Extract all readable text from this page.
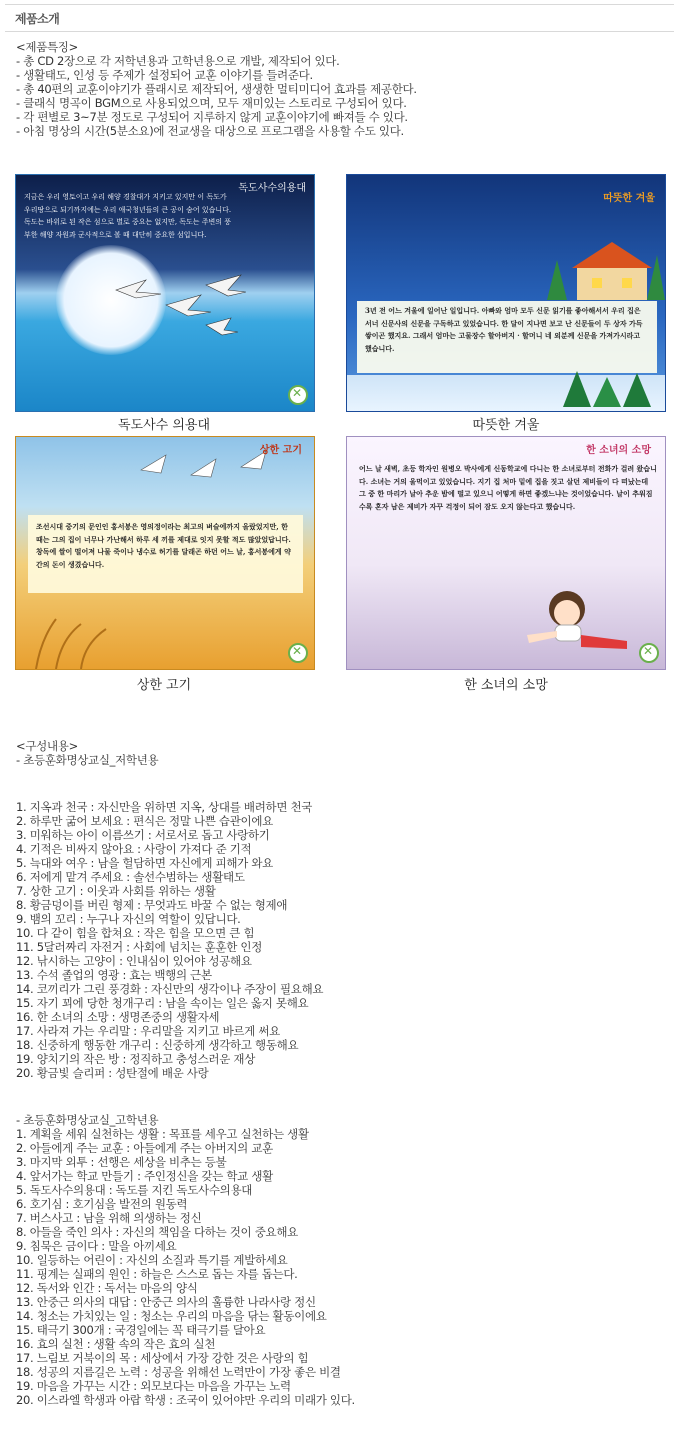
제품소개
<제품특징>
- 총 CD 2장으로 각 저학년용과 고학년용으로 개발, 제작되어 있다.
- 생활태도, 인성 등 주제가 설정되어 교훈 이야기를 들려준다.
- 총 40편의 교훈이야기가 플래시로 제작되어, 생생한 멀티미디어 효과를 제공한다.
- 클래식 명곡이 BGM으로 사용되었으며, 모두 재미있는 스토리로 구성되어 있다.
- 각 편별로 3~7분 정도로 구성되어 지루하지 않게 교훈이야기에 빠져들 수 있다.
- 아침 명상의 시간(5분소요)에 전교생을 대상으로 프로그램을 사용할 수도 있다.
독도사수의용대
지금은 우리 영토이고 우리 해양 경찰대가 지키고 있지만 이 독도가 우리땅으로 되기까지에는 우리 애국청년들의 큰 공이 숨어 있습니다. 독도는 바위로 된 작은 섬으로 별로 중요는 없지만, 독도는 주변의 풍부한 해양 자원과 군사적으로 볼 때 대단히 중요한 섬입니다.
✕
독도사수 의용대
따뜻한 겨울
3년 전 어느 겨울에 일어난 일입니다. 아빠와 엄마 모두 신문 읽기를 좋아해서서 우리 집은 서너 신문사의 신문을 구독하고 있었습니다. 한 달이 지나면 보고 난 신문들이 두 상자 가득 쌓이곤 했지요. 그래서 엄마는 고물장수 할아버지 · 할머니 네 외분께 신문을 가져가시라고 했습니다.
따뜻한 겨울
상한 고기
조선시대 중기의 문인인 홍서봉은 영의정이라는 최고의 벼슬에까지 올랐었지만, 한 때는 그의 집이 너무나 가난해서 하루 세 끼를 제대로 잇지 못할 적도 많았었답니다. 창독에 쌀이 떨어져 나물 죽이나 냉수로 허기를 달래곤 하던 어느 날, 홍서봉에게 약간의 돈이 생겼습니다.
✕
상한 고기
한 소녀의 소망
어느 날 새벽, 초등 학자인 원병오 박사에게 신동학교에 다니는 한 소녀로부터 전화가 걸려 왔습니다. 소녀는 거의 울먹이고 있었습니다. 지기 집 처마 밑에 집을 짓고 살던 제비들이 다 떠났는데 그 중 한 마리가 날아 추운 밤에 떨고 있으니 어떻게 하면 좋겠느냐는 것이었습니다. 날이 추워짐수록 혼자 남은 제비가 자꾸 걱정이 되어 잠도 오지 않는다고 했습니다.
✕
한 소녀의 소망
<구성내용>
- 초등훈화명상교실_저학년용
1. 지옥과 천국 : 자신만을 위하면 지옥, 상대를 배려하면 천국
2. 하루만 굶어 보세요 : 편식은 정말 나쁜 습관이에요
3. 미워하는 아이 이름쓰기 : 서로서로 돕고 사랑하기
4. 기적은 비싸지 않아요 : 사랑이 가져다 준 기적
5. 늑대와 여우 : 남을 헐담하면 자신에게 피해가 와요
6. 저에게 맡겨 주세요 : 솔선수범하는 생활태도
7. 상한 고기 : 이웃과 사회를 위하는 생활
8. 황금덩이를 버린 형제 : 무엇과도 바꿀 수 없는 형제애
9. 뱀의 꼬리 : 누구나 자신의 역할이 있답니다.
10. 다 같이 힘을 합쳐요 : 작은 힘을 모으면 큰 힘
11. 5달러짜리 자전거 : 사회에 넘치는 훈훈한 인정
12. 낚시하는 고양이 : 인내심이 있어야 성공해요
13. 수석 졸업의 영광 : 효는 백행의 근본
14. 코끼리가 그린 풍경화 : 자신만의 생각이나 주장이 필요해요
15. 자기 꾀에 당한 청개구리 : 남을 속이는 일은 옳지 못해요
16. 한 소녀의 소망 : 생명존중의 생활자세
17. 사라져 가는 우리말 : 우리말을 지키고 바르게 써요
18. 신중하게 행동한 개구리 : 신중하게 생각하고 행동해요
19. 양치기의 작은 방 : 정직하고 충성스러운 재상
20. 황금빛 슬리퍼 : 성탄절에 배운 사랑
- 초등훈화명상교실_고학년용
1. 계획을 세워 실천하는 생활 : 목표를 세우고 실천하는 생활
2. 아들에게 주는 교훈 : 아들에게 주는 아버지의 교훈
3. 마지막 외투 : 선행은 세상을 비추는 등불
4. 앞서가는 학교 만들기 : 주인정신을 갖는 학교 생활
5. 독도사수의용대 : 독도를 지킨 독도사수의용대
6. 호기심 : 호기심을 발전의 원동력
7. 버스사고 : 남을 위해 의생하는 정신
8. 아들을 죽인 의사 : 자신의 책임을 다하는 것이 중요해요
9. 침묵은 금이다 : 말을 아끼세요
10. 일등하는 어린이 : 자신의 소질과 특기를 계발하세요
11. 핑계는 실패의 원인 : 하늘은 스스로 돕는 자를 돕는다.
12. 독서와 인간 : 독서는 마음의 양식
13. 안중근 의사의 대답 : 안중근 의사의 훌륭한 나라사랑 정신
14. 청소는 가치있는 일 : 청소는 우리의 마음을 닦는 활동이에요
15. 태극기 300개 : 국경일에는 꼭 태극기를 달아요
16. 효의 실천 : 생활 속의 작은 효의 실천
17. 느림보 거북이의 목 : 세상에서 가장 강한 것은 사랑의 힘
18. 성공의 지름길은 노력 : 성공을 위해선 노력만이 가장 좋은 비결
19. 마음을 가꾸는 시간 : 외모보다는 마음을 가꾸는 노력
20. 이스라엘 학생과 아랍 학생 : 조국이 있어야만 우리의 미래가 있다.
